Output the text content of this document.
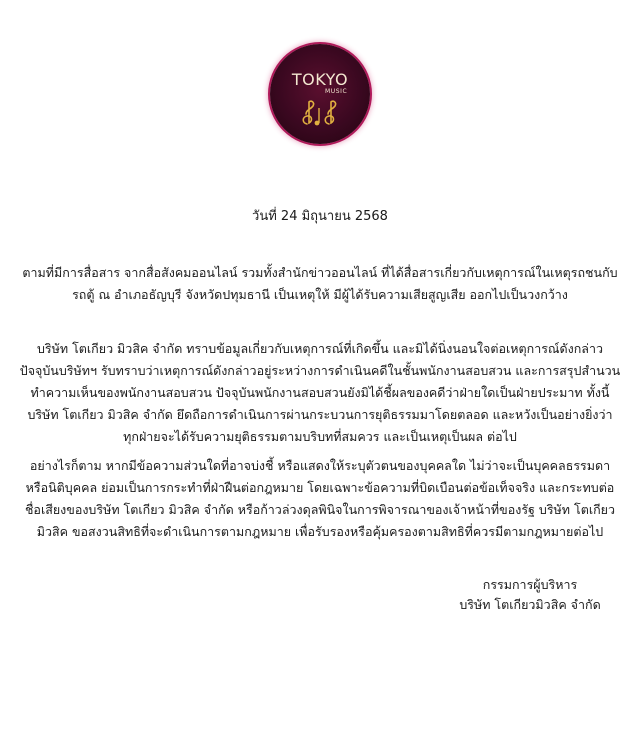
TOKYO
MUSIC
วันที่ 24 มิถุนายน 2568

ตามที่มีการสื่อสาร จากสื่อสังคมออนไลน์ รวมทั้งสำนักข่าวออนไลน์ ที่ได้สื่อสารเกี่ยวกับเหตุการณ์ในเหตุรถชนกับรถตู้ ณ อำเภอธัญบุรี จังหวัดปทุมธานี เป็นเหตุให้ มีผู้ได้รับความเสียสูญเสีย ออกไปเป็นวงกว้าง

บริษัท โตเกียว มิวสิค จำกัด ทราบข้อมูลเกี่ยวกับเหตุการณ์ที่เกิดขึ้น และมิได้นิ่งนอนใจต่อเหตุการณ์ดังกล่าว ปัจจุบันบริษัทฯ รับทราบว่าเหตุการณ์ดังกล่าวอยู่ระหว่างการดำเนินคดีในชั้นพนักงานสอบสวน และการสรุปสำนวนทำความเห็นของพนักงานสอบสวน ปัจจุบันพนักงานสอบสวนยังมิได้ชี้ผลของคดีว่าฝ่ายใดเป็นฝ่ายประมาท ทั้งนี้ บริษัท โตเกียว มิวสิค จำกัด ยึดถือการดำเนินการผ่านกระบวนการยุติธรรมมาโดยตลอด และหวังเป็นอย่างยิ่งว่า ทุกฝ่ายจะได้รับความยุติธรรมตามบริบทที่สมควร และเป็นเหตุเป็นผล ต่อไป

อย่างไรก็ตาม หากมีข้อความส่วนใดที่อาจบ่งชี้ หรือแสดงให้ระบุตัวตนของบุคคลใด ไม่ว่าจะเป็นบุคคลธรรมดา หรือนิติบุคคล ย่อมเป็นการกระทำที่ฝ่าฝืนต่อกฎหมาย โดยเฉพาะข้อความที่บิดเบือนต่อข้อเท็จจริง และกระทบต่อชื่อเสียงของบริษัท โตเกียว มิวสิค จำกัด หรือก้าวล่วงดุลพินิจในการพิจารณาของเจ้าหน้าที่ของรัฐ บริษัท โตเกียว มิวสิค ขอสงวนสิทธิที่จะดำเนินการตามกฎหมาย เพื่อรับรองหรือคุ้มครองตามสิทธิที่ควรมีตามกฎหมายต่อไป

กรรมการผู้บริหาร
บริษัท โตเกียวมิวสิค จำกัด
